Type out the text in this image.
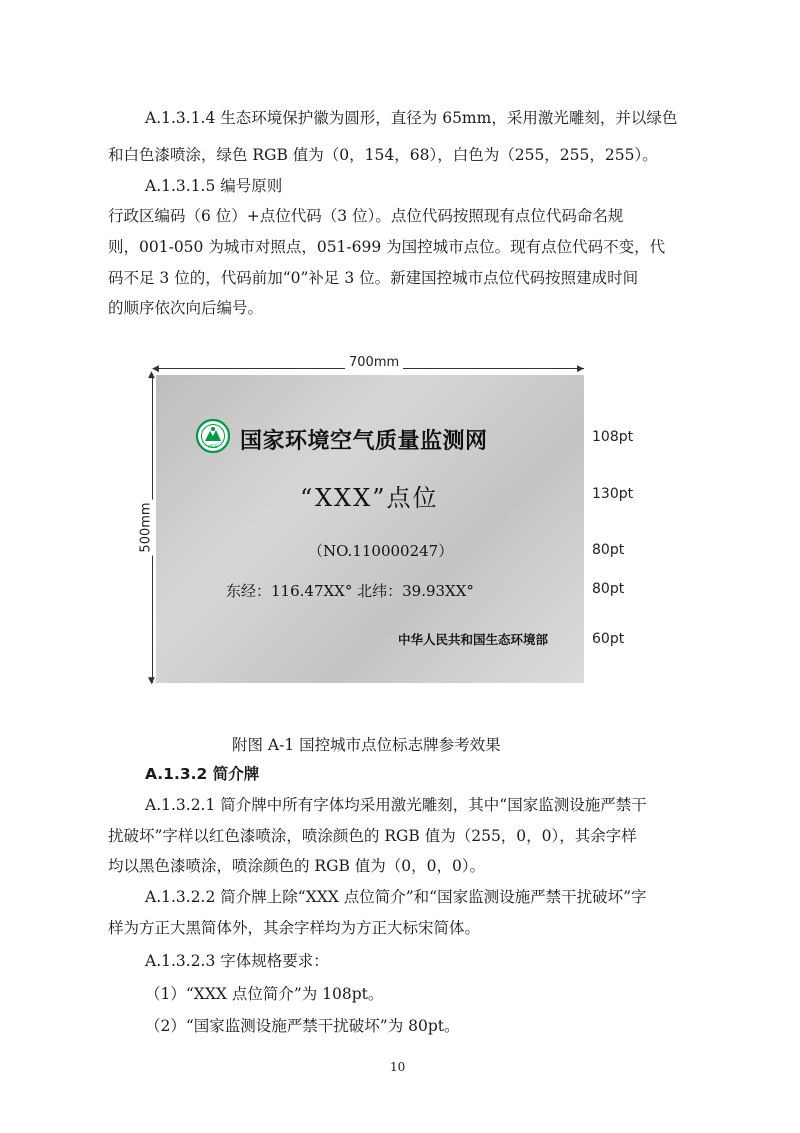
A.1.3.1.4 生态环境保护徽为圆形，直径为 65mm，采用激光雕刻，并以绿色
和白色漆喷涂，绿色 RGB 值为（0，154，68），白色为（255，255，255）。
A.1.3.1.5 编号原则
行政区编码（6 位）+点位代码（3 位）。点位代码按照现有点位代码命名规
则，001-050 为城市对照点，051-699 为国控城市点位。现有点位代码不变，代
码不足 3 位的，代码前加“0”补足 3 位。新建国控城市点位代码按照建成时间
的顺序依次向后编号。
◀	▶
700mm
▲
▼
500mm
MEE 国家环境空气质量监测网
“XXX”点位
（NO.110000247）
东经：116.47XX° 北纬：39.93XX°
中华人民共和国生态环境部
108pt
130pt
80pt
80pt
60pt
附图 A-1 国控城市点位标志牌参考效果
A.1.3.2 简介牌
A.1.3.2.1 简介牌中所有字体均采用激光雕刻，其中“国家监测设施严禁干
扰破坏”字样以红色漆喷涂，喷涂颜色的 RGB 值为（255，0，0），其余字样
均以黑色漆喷涂，喷涂颜色的 RGB 值为（0，0，0）。
A.1.3.2.2 简介牌上除“XXX 点位简介”和“国家监测设施严禁干扰破坏”字
样为方正大黑简体外，其余字样均为方正大标宋简体。
A.1.3.2.3 字体规格要求：
（1）“XXX 点位简介”为 108pt。
（2）“国家监测设施严禁干扰破坏”为 80pt。
10
